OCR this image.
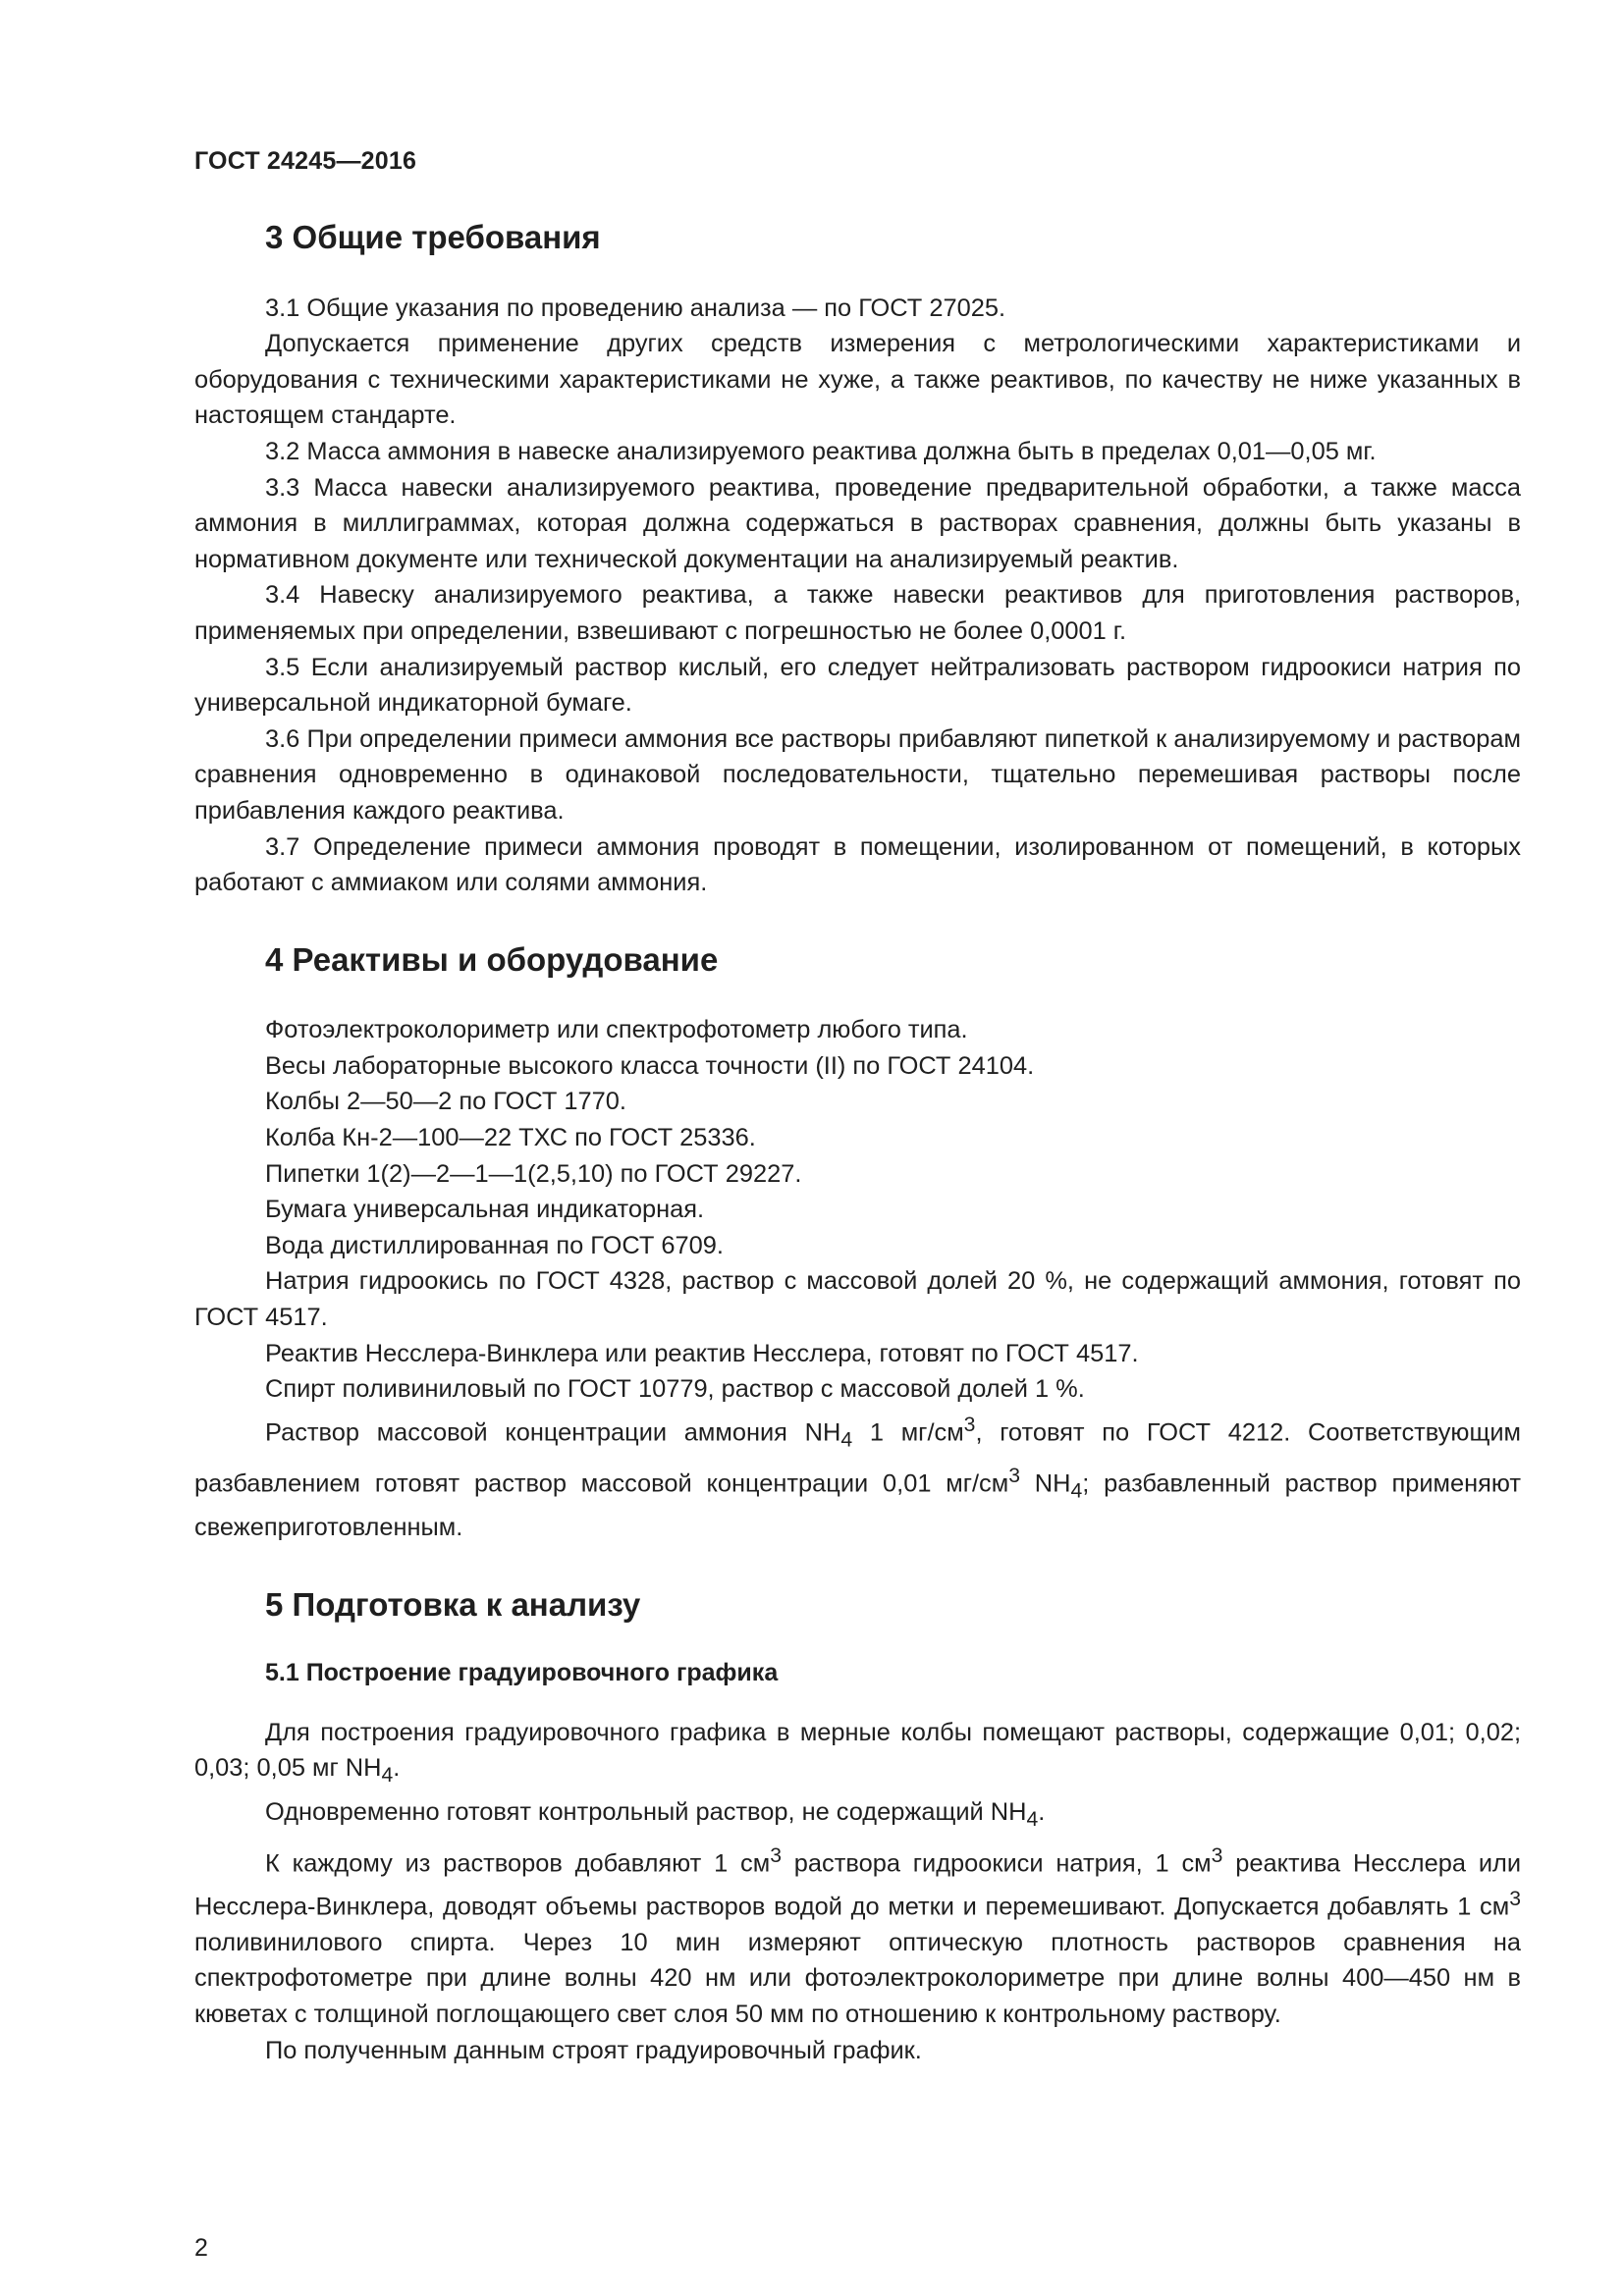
ГОСТ 24245—2016
3 Общие требования

3.1 Общие указания по проведению анализа — по ГОСТ 27025.

Допускается применение других средств измерения с метрологическими характеристиками и оборудования с техническими характеристиками не хуже, а также реактивов, по качеству не ниже указанных в настоящем стандарте.

3.2 Масса аммония в навеске анализируемого реактива должна быть в пределах 0,01—0,05 мг.

3.3 Масса навески анализируемого реактива, проведение предварительной обработки, а также масса аммония в миллиграммах, которая должна содержаться в растворах сравнения, должны быть указаны в нормативном документе или технической документации на анализируемый реактив.

3.4 Навеску анализируемого реактива, а также навески реактивов для приготовления растворов, применяемых при определении, взвешивают с погрешностью не более 0,0001 г.

3.5 Если анализируемый раствор кислый, его следует нейтрализовать раствором гидроокиси натрия по универсальной индикаторной бумаге.

3.6 При определении примеси аммония все растворы прибавляют пипеткой к анализируемому и растворам сравнения одновременно в одинаковой последовательности, тщательно перемешивая растворы после прибавления каждого реактива.

3.7 Определение примеси аммония проводят в помещении, изолированном от помещений, в которых работают с аммиаком или солями аммония.

4 Реактивы и оборудование

Фотоэлектроколориметр или спектрофотометр любого типа.

Весы лабораторные высокого класса точности (II) по ГОСТ 24104.

Колбы 2—50—2 по ГОСТ 1770.

Колба Кн-2—100—22 ТХС по ГОСТ 25336.

Пипетки 1(2)—2—1—1(2,5,10) по ГОСТ 29227.

Бумага универсальная индикаторная.

Вода дистиллированная по ГОСТ 6709.

Натрия гидроокись по ГОСТ 4328, раствор с массовой долей 20 %, не содержащий аммония, готовят по ГОСТ 4517.

Реактив Несслера-Винклера или реактив Несслера, готовят по ГОСТ 4517.

Спирт поливиниловый по ГОСТ 10779, раствор с массовой долей 1 %.

Раствор массовой концентрации аммония $NH_4$ 1 $мг/см^3$, готовят по ГОСТ 4212. Соответствующим разбавлением готовят раствор массовой концентрации 0,01 $мг/см^3$ $NH_4$; разбавленный раствор применяют свежеприготовленным.

5 Подготовка к анализу
5.1 Построение градуировочного графика

Для построения градуировочного графика в мерные колбы помещают растворы, содержащие 0,01; 0,02; 0,03; 0,05 мг $NH_4$.

Одновременно готовят контрольный раствор, не содержащий $NH_4$.

К каждому из растворов добавляют 1 $см^3$ раствора гидроокиси натрия, 1 $см^3$ реактива Несслера или Несслера-Винклера, доводят объемы растворов водой до метки и перемешивают. Допускается добавлять 1 $см^3$ поливинилового спирта. Через 10 мин измеряют оптическую плотность растворов сравнения на спектрофотометре при длине волны 420 нм или фотоэлектроколориметре при длине волны 400—450 нм в кюветах с толщиной поглощающего свет слоя 50 мм по отношению к контрольному раствору.

По полученным данным строят градуировочный график.

2
